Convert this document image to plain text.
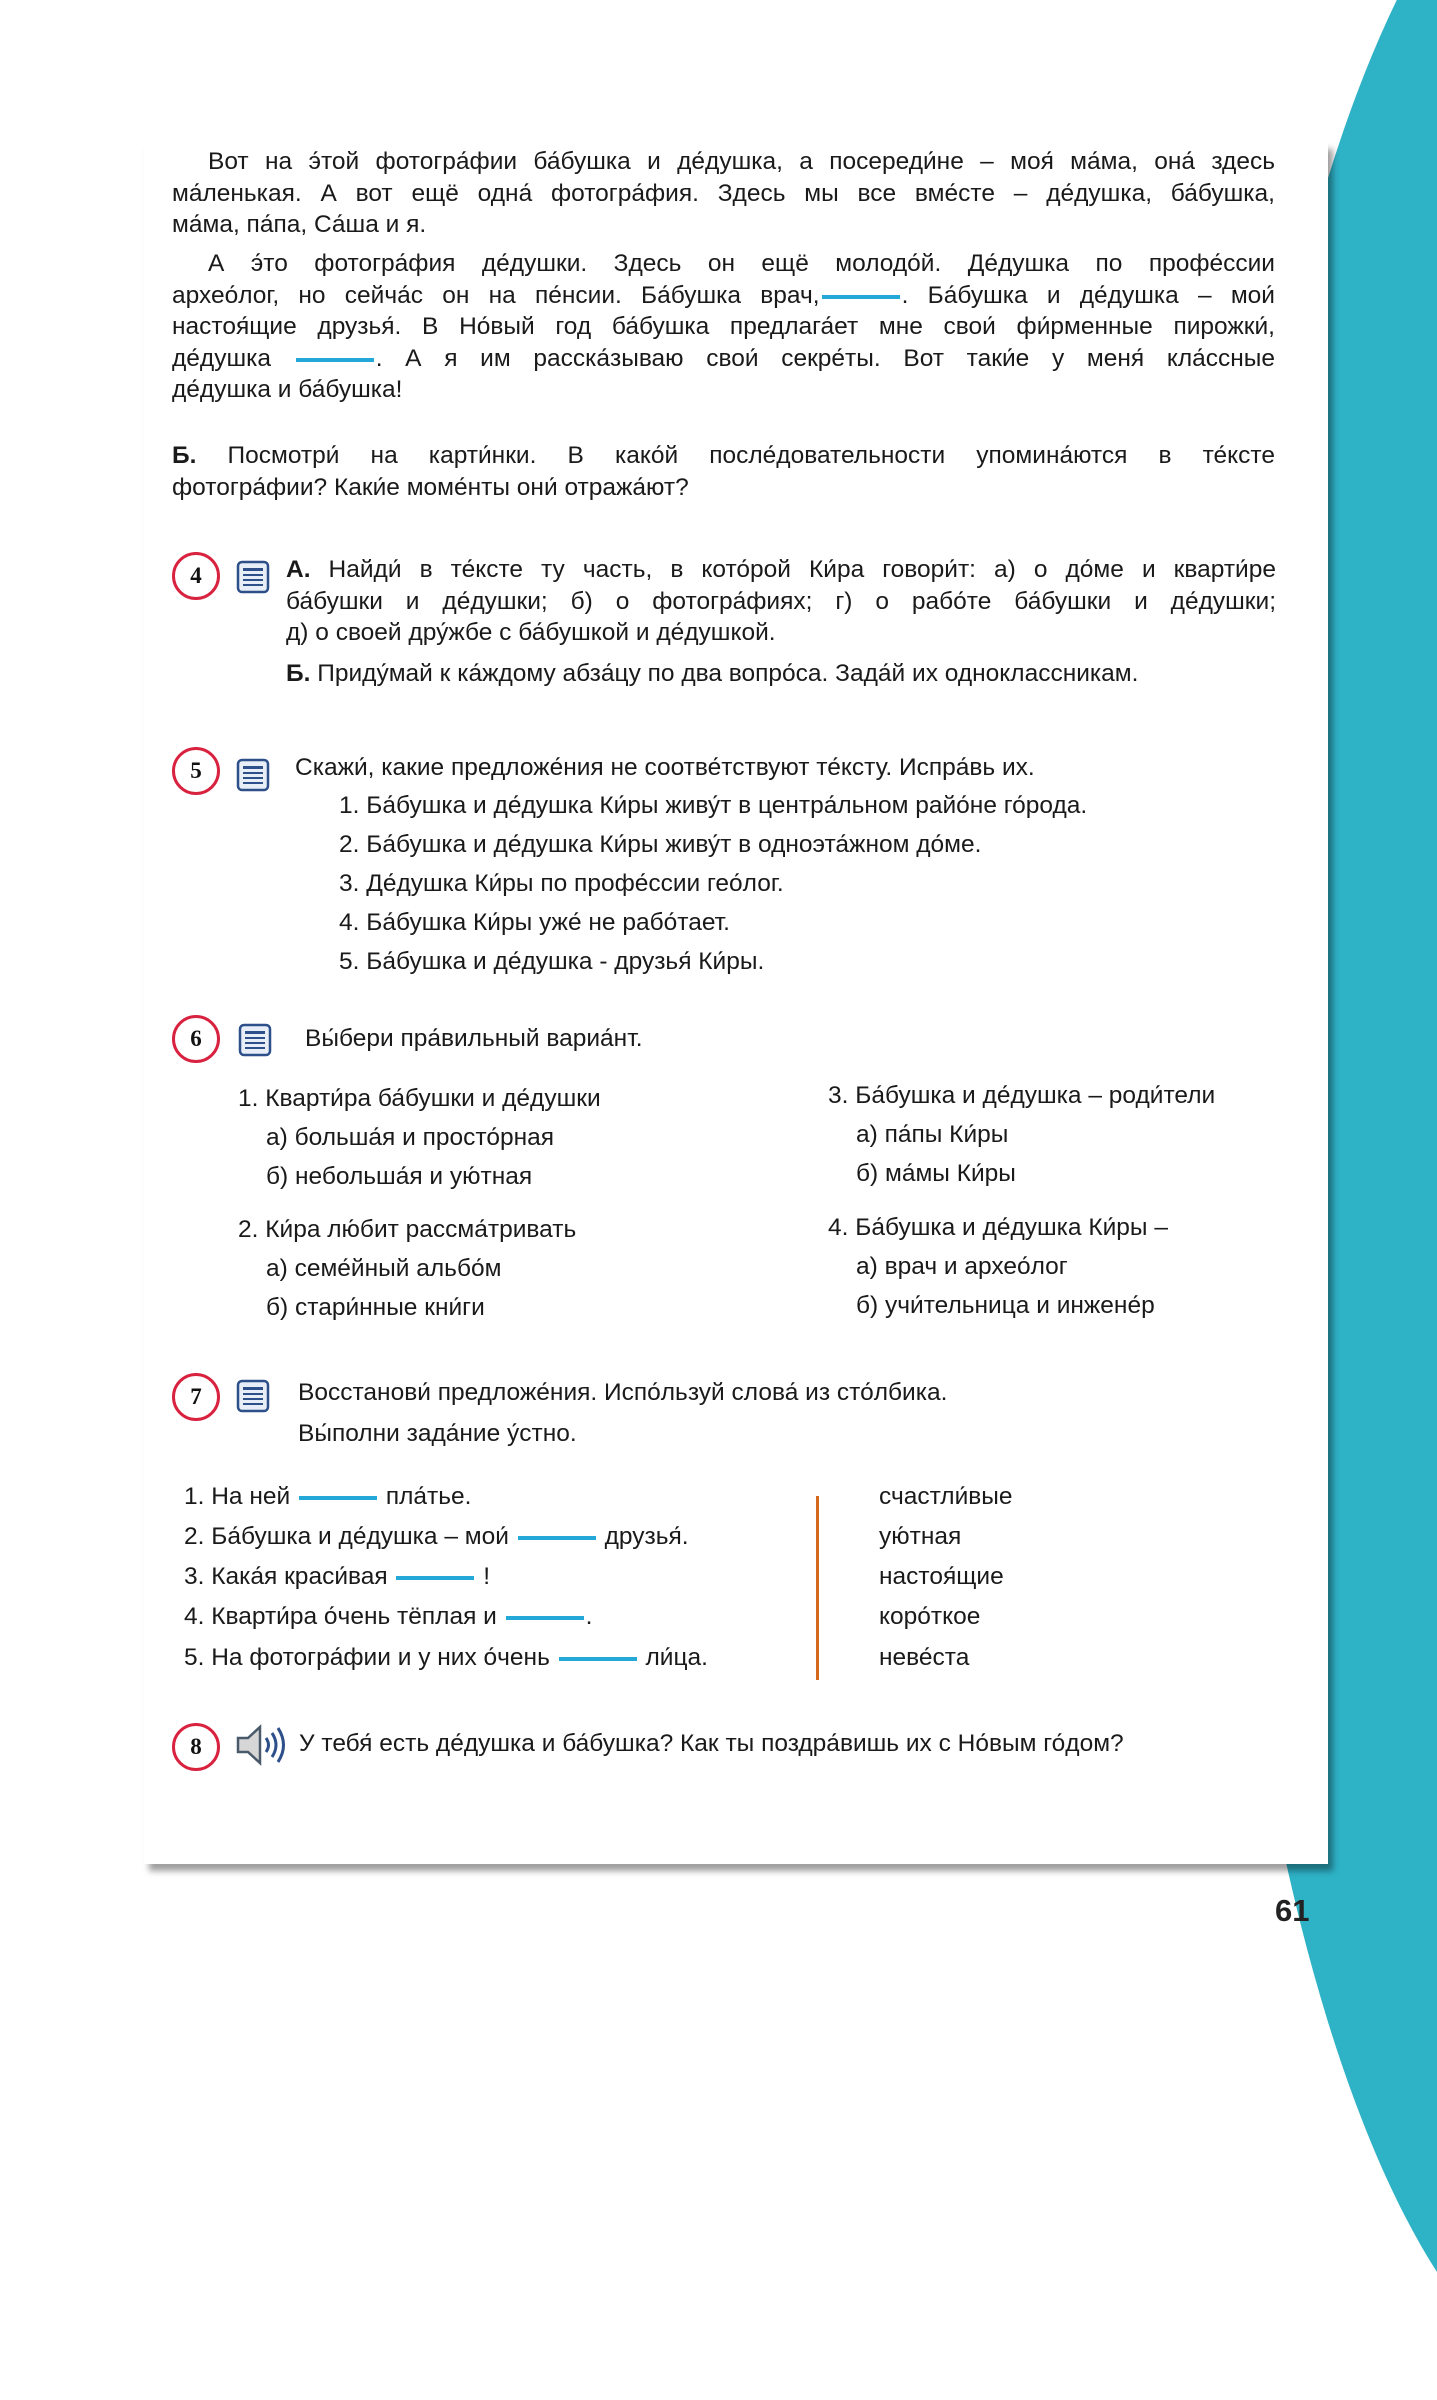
Вот на э́той фотогра́фии ба́бушка и де́душка, а посереди́не – моя́ ма́ма, она́ здесь
ма́ленькая. А вот ещё одна́ фотогра́фия. Здесь мы все вме́сте – де́душка, ба́бушка,
ма́ма, па́па, Са́ша и я.
А э́то фотогра́фия де́душки. Здесь он ещё молодо́й. Де́душка по профе́ссии
архео́лог, но сейча́с он на пе́нсии. Ба́бушка врач,	. Ба́бушка и де́душка – мои́
настоя́щие друзья́. В Но́вый год ба́бушка предлага́ет мне свои́ фи́рменные пирожки́,
де́душка	. А я им расска́зываю свои́ секре́ты. Вот таки́е у меня́ кла́ссные
де́душка и ба́бушка!
Б. Посмотри́ на карти́нки. В како́й после́довательности упомина́ются в те́ксте
фотогра́фии? Каки́е моме́нты они́ отража́ют?
4	А. Найди́ в те́ксте ту часть, в кото́рой Ки́ра говори́т: а) о до́ме и кварти́ре
ба́бушки и де́душки; б) о фотогра́фиях; г) о рабо́те ба́бушки и де́душки;
д) о своей дру́жбе с ба́бушкой и де́душкой.

Б. Приду́май к ка́ждому абза́цу по два вопро́са. Зада́й их одноклассникам.

5	Скажи́, какие предложе́ния не соотве́тствуют те́ксту. Испра́вь их.

1. Ба́бушка и де́душка Ки́ры живу́т в центра́льном райо́не го́рода.

2. Ба́бушка и де́душка Ки́ры живу́т в одноэта́жном до́ме.

3. Де́душка Ки́ры по профе́ссии гео́лог.

4. Ба́бушка Ки́ры уже́ не рабо́тает.

5. Ба́бушка и де́душка - друзья́ Ки́ры.

6	Вы́бери пра́вильный вариа́нт.

1. Кварти́ра ба́бушки и де́душки

а) больша́я и просто́рная

б) небольша́я и ую́тная

2. Ки́ра лю́бит рассма́тривать

а) семе́йный альбо́м

б) стари́нные кни́ги

3. Ба́бушка и де́душка – роди́тели

а) па́пы Ки́ры

б) ма́мы Ки́ры

4. Ба́бушка и де́душка Ки́ры –

а) врач и архео́лог

б) учи́тельница и инжене́р

7	Восстанови́ предложе́ния. Испо́льзуй слова́ из сто́лбика.

Вы́полни зада́ние у́стно.

1. На ней	пла́тье.

2. Ба́бушка и де́душка – мои́	друзья́.

3. Кака́я краси́вая	!

4. Кварти́ра о́чень тёплая и	.

5. На фотогра́фии и у них о́чень	ли́ца.

счастли́вые

ую́тная

настоя́щие

коро́ткое

неве́ста

8	У тебя́ есть де́душка и ба́бушка? Как ты поздра́вишь их с Но́вым го́дом?

61
